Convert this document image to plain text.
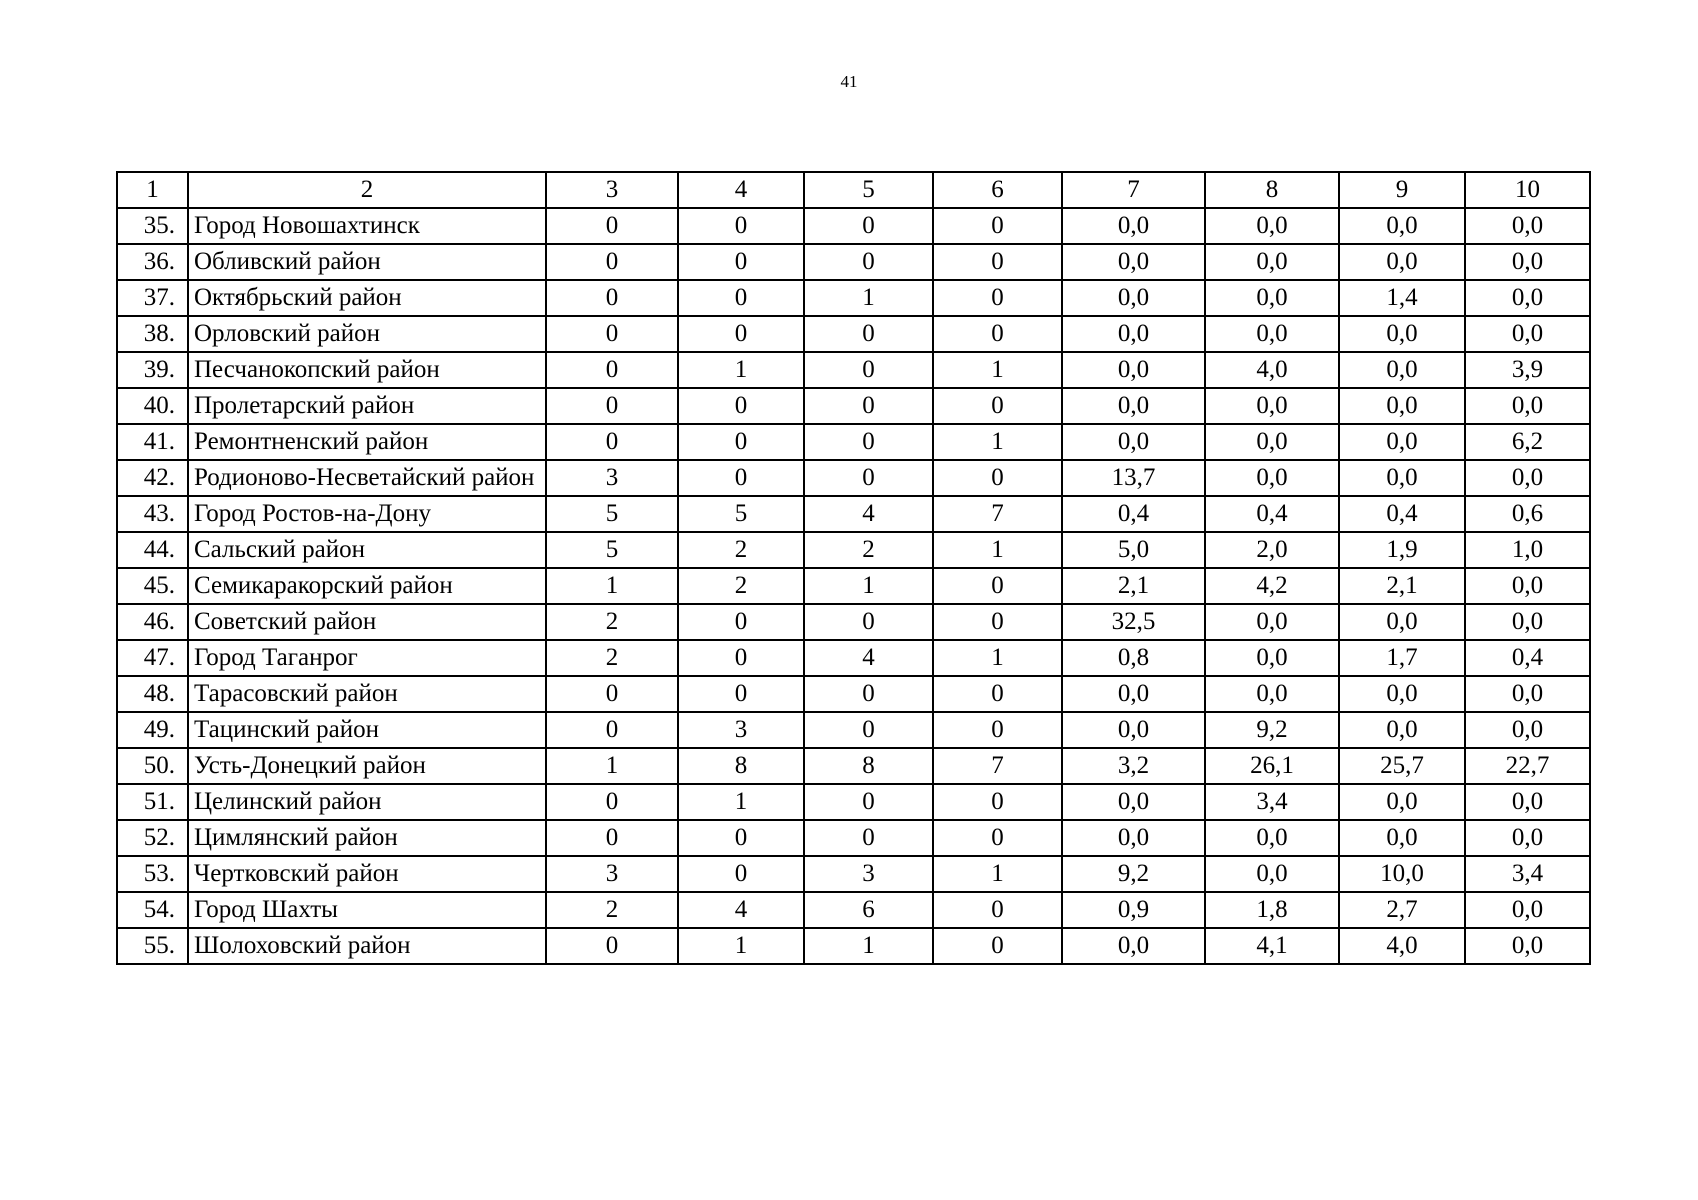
41
1	2	3	4	5	6	7	8	9	10
35.	Город Новошахтинск	0	0	0	0	0,0	0,0	0,0	0,0
36.	Обливский район	0	0	0	0	0,0	0,0	0,0	0,0
37.	Октябрьский район	0	0	1	0	0,0	0,0	1,4	0,0
38.	Орловский район	0	0	0	0	0,0	0,0	0,0	0,0
39.	Песчанокопский район	0	1	0	1	0,0	4,0	0,0	3,9
40.	Пролетарский район	0	0	0	0	0,0	0,0	0,0	0,0
41.	Ремонтненский район	0	0	0	1	0,0	0,0	0,0	6,2
42.	Родионово-Несветайский район	3	0	0	0	13,7	0,0	0,0	0,0
43.	Город Ростов-на-Дону	5	5	4	7	0,4	0,4	0,4	0,6
44.	Сальский район	5	2	2	1	5,0	2,0	1,9	1,0
45.	Семикаракорский район	1	2	1	0	2,1	4,2	2,1	0,0
46.	Советский район	2	0	0	0	32,5	0,0	0,0	0,0
47.	Город Таганрог	2	0	4	1	0,8	0,0	1,7	0,4
48.	Тарасовский район	0	0	0	0	0,0	0,0	0,0	0,0
49.	Тацинский район	0	3	0	0	0,0	9,2	0,0	0,0
50.	Усть-Донецкий район	1	8	8	7	3,2	26,1	25,7	22,7
51.	Целинский район	0	1	0	0	0,0	3,4	0,0	0,0
52.	Цимлянский район	0	0	0	0	0,0	0,0	0,0	0,0
53.	Чертковский район	3	0	3	1	9,2	0,0	10,0	3,4
54.	Город Шахты	2	4	6	0	0,9	1,8	2,7	0,0
55.	Шолоховский район	0	1	1	0	0,0	4,1	4,0	0,0
